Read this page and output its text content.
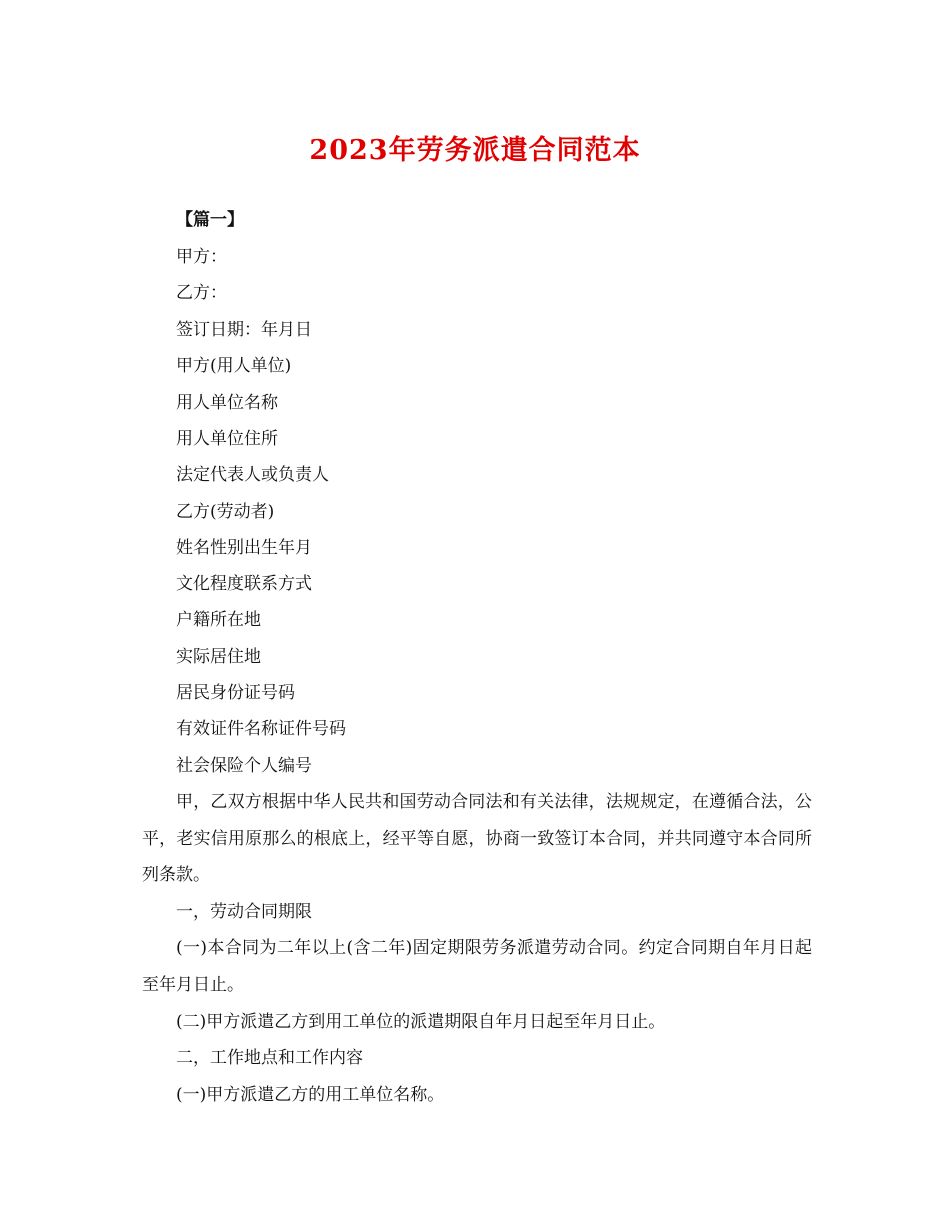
2023年劳务派遣合同范本

【篇一】

甲方：

乙方：

签订日期：年月日

甲方(用人单位)

用人单位名称

用人单位住所

法定代表人或负责人

乙方(劳动者)

姓名性别出生年月

文化程度联系方式

户籍所在地

实际居住地

居民身份证号码

有效证件名称证件号码

社会保险个人编号

甲，乙双方根据中华人民共和国劳动合同法和有关法律，法规规定，在遵循合法，公平，老实信用原那么的根底上，经平等自愿，协商一致签订本合同，并共同遵守本合同所列条款。

一，劳动合同期限

(一)本合同为二年以上(含二年)固定期限劳务派遣劳动合同。约定合同期自年月日起至年月日止。

(二)甲方派遣乙方到用工单位的派遣期限自年月日起至年月日止。

二，工作地点和工作内容

(一)甲方派遣乙方的用工单位名称。
